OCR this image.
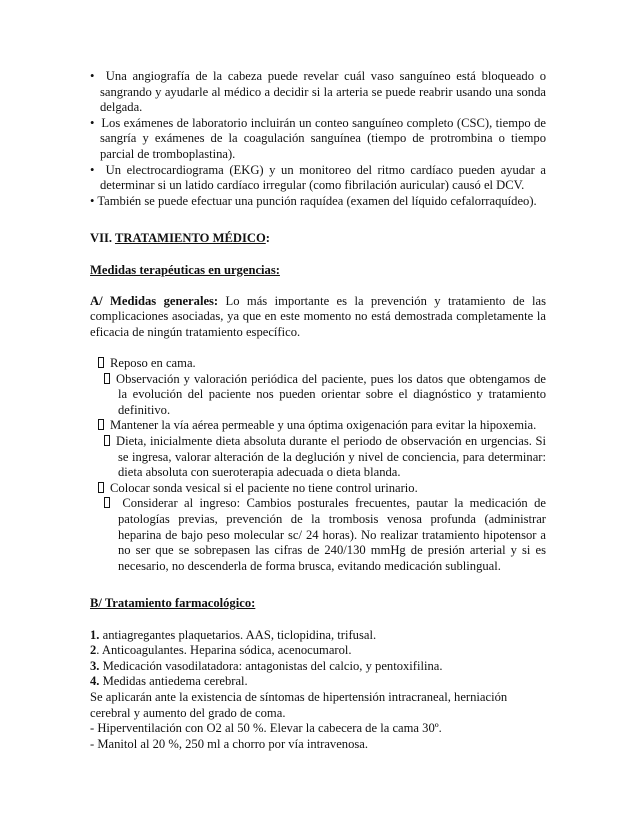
• Una angiografía de la cabeza puede revelar cuál vaso sanguíneo está bloqueado o sangrando y ayudarle al médico a decidir si la arteria se puede reabrir usando una sonda delgada.
• Los exámenes de laboratorio incluirán un conteo sanguíneo completo (CSC), tiempo de sangría y exámenes de la coagulación sanguínea (tiempo de protrombina o tiempo parcial de tromboplastina).
• Un electrocardiograma (EKG) y un monitoreo del ritmo cardíaco pueden ayudar a determinar si un latido cardíaco irregular (como fibrilación auricular) causó el DCV.
• También se puede efectuar una punción raquídea (examen del líquido cefalorraquídeo).
VII. TRATAMIENTO MÉDICO:
Medidas terapéuticas en urgencias:
A/ Medidas generales: Lo más importante es la prevención y tratamiento de las complicaciones asociadas, ya que en este momento no está demostrada completamente la eficacia de ningún tratamiento específico.
Reposo en cama.
Observación y valoración periódica del paciente, pues los datos que obtengamos de la evolución del paciente nos pueden orientar sobre el diagnóstico y tratamiento definitivo.
Mantener la vía aérea permeable y una óptima oxigenación para evitar la hipoxemia.
Dieta, inicialmente dieta absoluta durante el periodo de observación en urgencias. Si se ingresa, valorar alteración de la deglución y nivel de conciencia, para determinar: dieta absoluta con sueroterapia adecuada o dieta blanda.
Colocar sonda vesical si el paciente no tiene control urinario.
Considerar al ingreso: Cambios posturales frecuentes, pautar la medicación de patologías previas, prevención de la trombosis venosa profunda (administrar heparina de bajo peso molecular sc/ 24 horas). No realizar tratamiento hipotensor a no ser que se sobrepasen las cifras de 240/130 mmHg de presión arterial y si es necesario, no descenderla de forma brusca, evitando medicación sublingual.
B/ Tratamiento farmacológico:
1. antiagregantes plaquetarios. AAS, ticlopidina, trifusal.
2. Anticoagulantes. Heparina sódica, acenocumarol.
3. Medicación vasodilatadora: antagonistas del calcio, y pentoxifilina.
4. Medidas antiedema cerebral.
Se aplicarán ante la existencia de síntomas de hipertensión intracraneal, herniación cerebral y aumento del grado de coma.
- Hiperventilación con O2 al 50 %. Elevar la cabecera de la cama 30º.
- Manitol al 20 %, 250 ml a chorro por vía intravenosa.
